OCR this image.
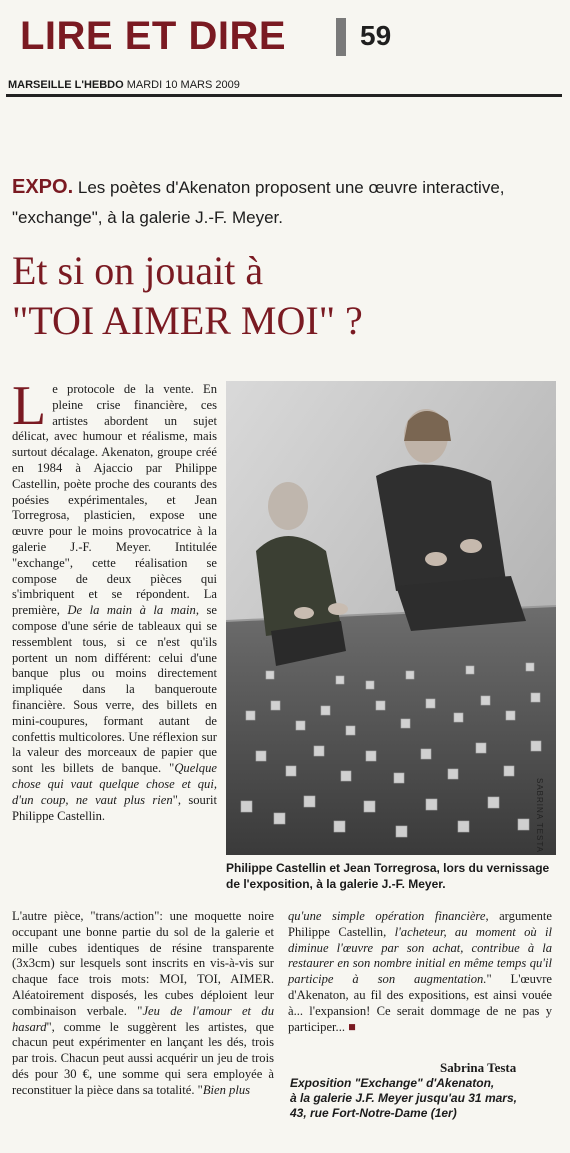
LIRE ET DIRE	59
MARSEILLE L'HEBDO MARDI 10 MARS 2009
EXPO. Les poètes d'Akenaton proposent une œuvre interactive, "exchange", à la galerie J.-F. Meyer.
Et si on jouait à
"TOI AIMER MOI" ?
L e protocole de la vente. En pleine crise financière, ces artistes abordent un sujet délicat, avec humour et réalisme, mais surtout décalage. Akenaton, groupe créé en 1984 à Ajaccio par Philippe Castellin, poète proche des courants des poésies expérimentales, et Jean Torregrosa, plasticien, expose une œuvre pour le moins provocatrice à la galerie J.-F. Meyer. Intitulée "exchange", cette réalisation se compose de deux pièces qui s'imbriquent et se répondent. La première, De la main à la main, se compose d'une série de tableaux qui se ressemblent tous, si ce n'est qu'ils portent un nom différent: celui d'une banque plus ou moins directement impliquée dans la banqueroute financière. Sous verre, des billets en mini-coupures, formant autant de confettis multicolores. Une réflexion sur la valeur des morceaux de papier que sont les billets de banque. "Quelque chose qui vaut quelque chose et qui, d'un coup, ne vaut plus rien", sourit Philippe Castellin.	SABRINA TESTA
Philippe Castellin et Jean Torregrosa, lors du vernissage de l'exposition, à la galerie J.-F. Meyer.
L'autre pièce, "trans/action": une moquette noire occupant une bonne partie du sol de la galerie et mille cubes identiques de résine transparente (3x3cm) sur lesquels sont inscrits en vis-à-vis sur chaque face trois mots: MOI, TOI, AIMER. Aléatoirement disposés, les cubes déploient leur combinaison verbale. "Jeu de l'amour et du hasard", comme le suggèrent les artistes, que chacun peut expérimenter en lançant les dés, trois par trois. Chacun peut aussi acquérir un jeu de trois dés pour 30 €, une somme qui sera employée à reconstituer la pièce dans sa totalité. "Bien plus
qu'une simple opération financière, argumente Philippe Castellin, l'acheteur, au moment où il diminue l'œuvre par son achat, contribue à la restaurer en son nombre initial en même temps qu'il participe à son augmentation." L'œuvre d'Akenaton, au fil des expositions, est ainsi vouée à... l'expansion! Ce serait dommage de ne pas y participer... ■
Sabrina Testa
Exposition "Exchange" d'Akenaton,
à la galerie J.F. Meyer jusqu'au 31 mars,
43, rue Fort-Notre-Dame (1er)
